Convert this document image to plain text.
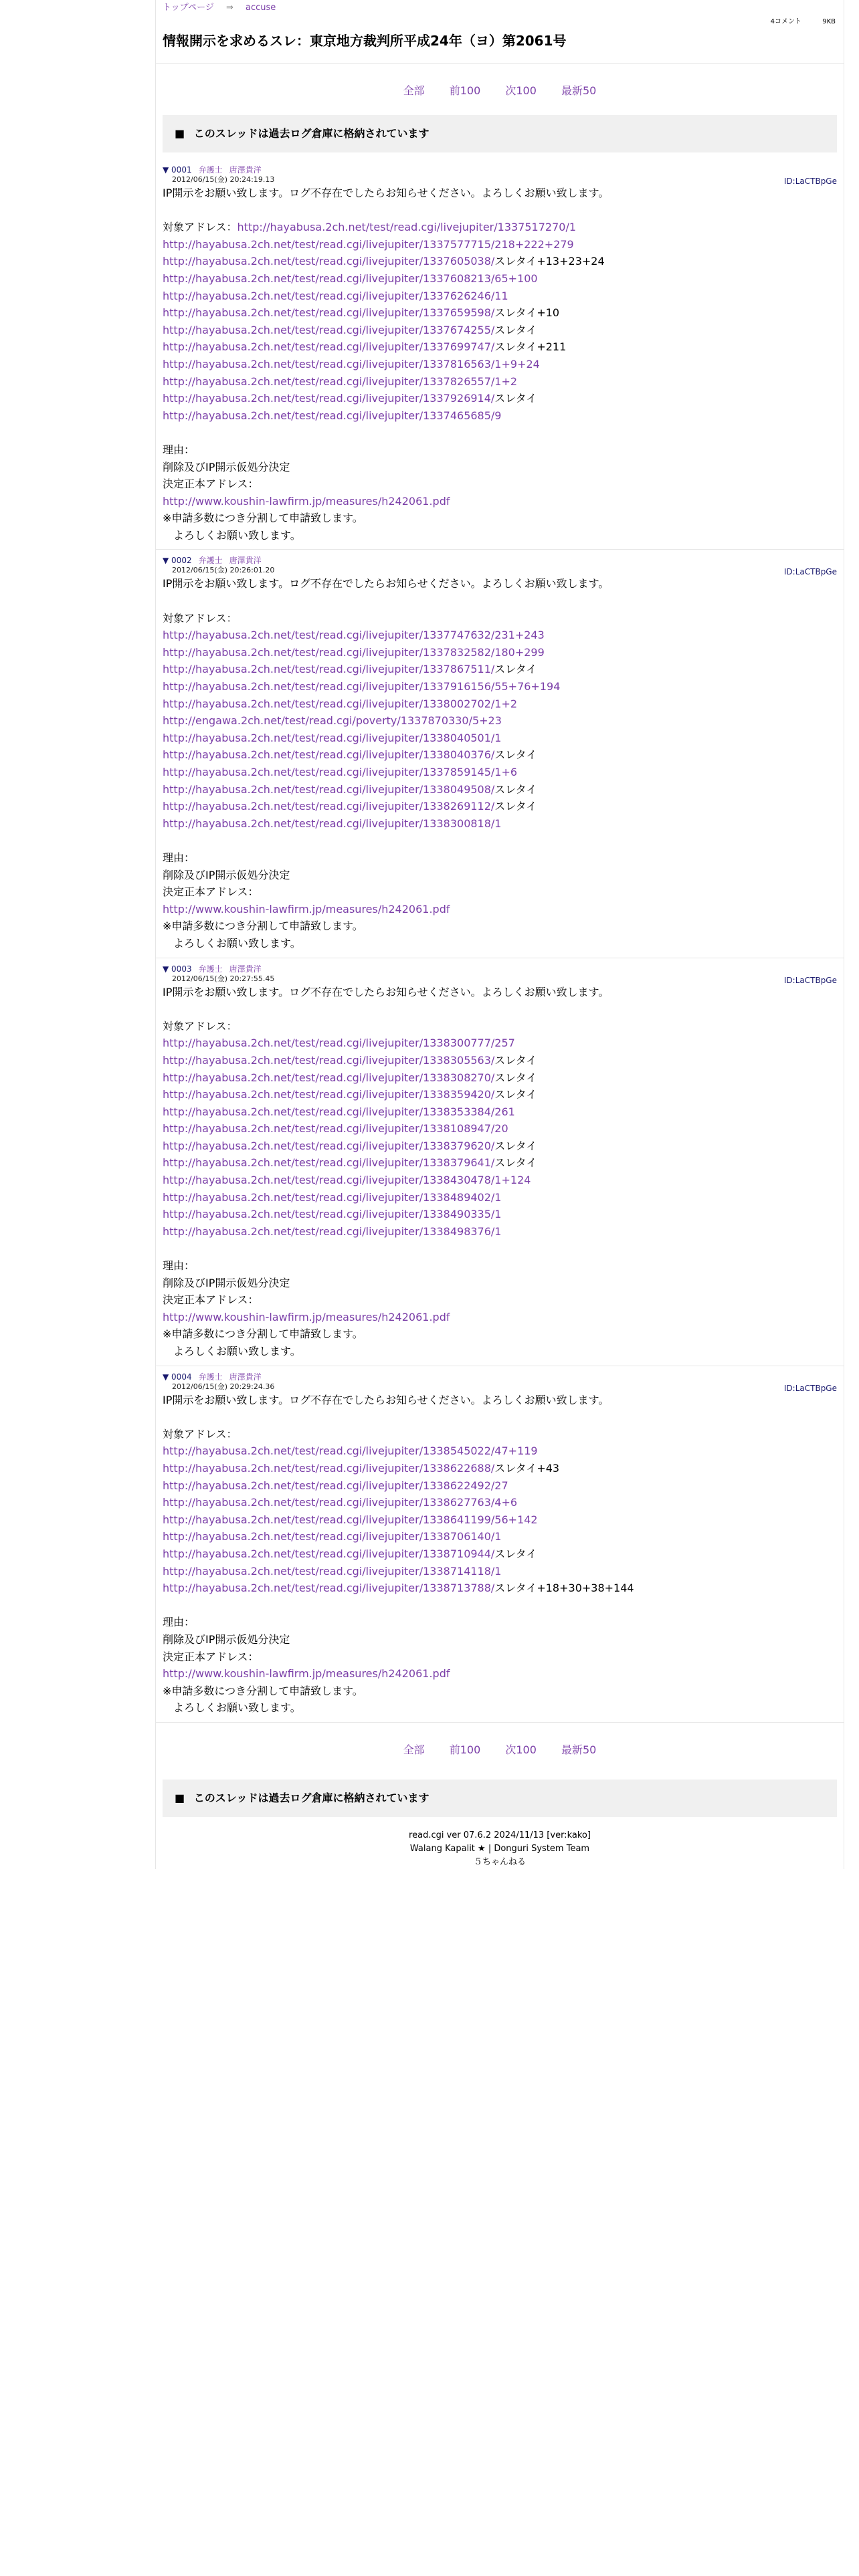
トップページ ⇒ accuse
4コメント	9KB
情報開示を求めるスレ：東京地方裁判所平成24年（ヨ）第2061号
全部 前100 次100 最新50
■ このスレッドは過去ログ倉庫に格納されています
▼ 0001 弁護士 唐澤貴洋
2012/06/15(金) 20:24:19.13	ID:LaCTBpGe
IP開示をお願い致します。ログ不存在でしたらお知らせください。よろしくお願い致します。
対象アドレス：http://hayabusa.2ch.net/test/read.cgi/livejupiter/1337517270/1
http://hayabusa.2ch.net/test/read.cgi/livejupiter/1337577715/218+222+279
http://hayabusa.2ch.net/test/read.cgi/livejupiter/1337605038/スレタイ+13+23+24
http://hayabusa.2ch.net/test/read.cgi/livejupiter/1337608213/65+100
http://hayabusa.2ch.net/test/read.cgi/livejupiter/1337626246/11
http://hayabusa.2ch.net/test/read.cgi/livejupiter/1337659598/スレタイ+10
http://hayabusa.2ch.net/test/read.cgi/livejupiter/1337674255/スレタイ
http://hayabusa.2ch.net/test/read.cgi/livejupiter/1337699747/スレタイ+211
http://hayabusa.2ch.net/test/read.cgi/livejupiter/1337816563/1+9+24
http://hayabusa.2ch.net/test/read.cgi/livejupiter/1337826557/1+2
http://hayabusa.2ch.net/test/read.cgi/livejupiter/1337926914/スレタイ
http://hayabusa.2ch.net/test/read.cgi/livejupiter/1337465685/9
理由：
削除及びIP開示仮処分決定
決定正本アドレス：
http://www.koushin-lawfirm.jp/measures/h242061.pdf
※申請多数につき分割して申請致します。
　よろしくお願い致します。
▼ 0002 弁護士 唐澤貴洋
2012/06/15(金) 20:26:01.20	ID:LaCTBpGe
IP開示をお願い致します。ログ不存在でしたらお知らせください。よろしくお願い致します。
対象アドレス：
http://hayabusa.2ch.net/test/read.cgi/livejupiter/1337747632/231+243
http://hayabusa.2ch.net/test/read.cgi/livejupiter/1337832582/180+299
http://hayabusa.2ch.net/test/read.cgi/livejupiter/1337867511/スレタイ
http://hayabusa.2ch.net/test/read.cgi/livejupiter/1337916156/55+76+194
http://hayabusa.2ch.net/test/read.cgi/livejupiter/1338002702/1+2
http://engawa.2ch.net/test/read.cgi/poverty/1337870330/5+23
http://hayabusa.2ch.net/test/read.cgi/livejupiter/1338040501/1
http://hayabusa.2ch.net/test/read.cgi/livejupiter/1338040376/スレタイ
http://hayabusa.2ch.net/test/read.cgi/livejupiter/1337859145/1+6
http://hayabusa.2ch.net/test/read.cgi/livejupiter/1338049508/スレタイ
http://hayabusa.2ch.net/test/read.cgi/livejupiter/1338269112/スレタイ
http://hayabusa.2ch.net/test/read.cgi/livejupiter/1338300818/1
理由：
削除及びIP開示仮処分決定
決定正本アドレス：
http://www.koushin-lawfirm.jp/measures/h242061.pdf
※申請多数につき分割して申請致します。
　よろしくお願い致します。
▼ 0003 弁護士 唐澤貴洋
2012/06/15(金) 20:27:55.45	ID:LaCTBpGe
IP開示をお願い致します。ログ不存在でしたらお知らせください。よろしくお願い致します。
対象アドレス：
http://hayabusa.2ch.net/test/read.cgi/livejupiter/1338300777/257
http://hayabusa.2ch.net/test/read.cgi/livejupiter/1338305563/スレタイ
http://hayabusa.2ch.net/test/read.cgi/livejupiter/1338308270/スレタイ
http://hayabusa.2ch.net/test/read.cgi/livejupiter/1338359420/スレタイ
http://hayabusa.2ch.net/test/read.cgi/livejupiter/1338353384/261
http://hayabusa.2ch.net/test/read.cgi/livejupiter/1338108947/20
http://hayabusa.2ch.net/test/read.cgi/livejupiter/1338379620/スレタイ
http://hayabusa.2ch.net/test/read.cgi/livejupiter/1338379641/スレタイ
http://hayabusa.2ch.net/test/read.cgi/livejupiter/1338430478/1+124
http://hayabusa.2ch.net/test/read.cgi/livejupiter/1338489402/1
http://hayabusa.2ch.net/test/read.cgi/livejupiter/1338490335/1
http://hayabusa.2ch.net/test/read.cgi/livejupiter/1338498376/1
理由：
削除及びIP開示仮処分決定
決定正本アドレス：
http://www.koushin-lawfirm.jp/measures/h242061.pdf
※申請多数につき分割して申請致します。
　よろしくお願い致します。
▼ 0004 弁護士 唐澤貴洋
2012/06/15(金) 20:29:24.36	ID:LaCTBpGe
IP開示をお願い致します。ログ不存在でしたらお知らせください。よろしくお願い致します。
対象アドレス：
http://hayabusa.2ch.net/test/read.cgi/livejupiter/1338545022/47+119
http://hayabusa.2ch.net/test/read.cgi/livejupiter/1338622688/スレタイ+43
http://hayabusa.2ch.net/test/read.cgi/livejupiter/1338622492/27
http://hayabusa.2ch.net/test/read.cgi/livejupiter/1338627763/4+6
http://hayabusa.2ch.net/test/read.cgi/livejupiter/1338641199/56+142
http://hayabusa.2ch.net/test/read.cgi/livejupiter/1338706140/1
http://hayabusa.2ch.net/test/read.cgi/livejupiter/1338710944/スレタイ
http://hayabusa.2ch.net/test/read.cgi/livejupiter/1338714118/1
http://hayabusa.2ch.net/test/read.cgi/livejupiter/1338713788/スレタイ+18+30+38+144
理由：
削除及びIP開示仮処分決定
決定正本アドレス：
http://www.koushin-lawfirm.jp/measures/h242061.pdf
※申請多数につき分割して申請致します。
　よろしくお願い致します。
全部 前100 次100 最新50
■ このスレッドは過去ログ倉庫に格納されています
read.cgi ver 07.6.2 2024/11/13 [ver:kako]
Walang Kapalit ★ | Donguri System Team
５ちゃんねる
